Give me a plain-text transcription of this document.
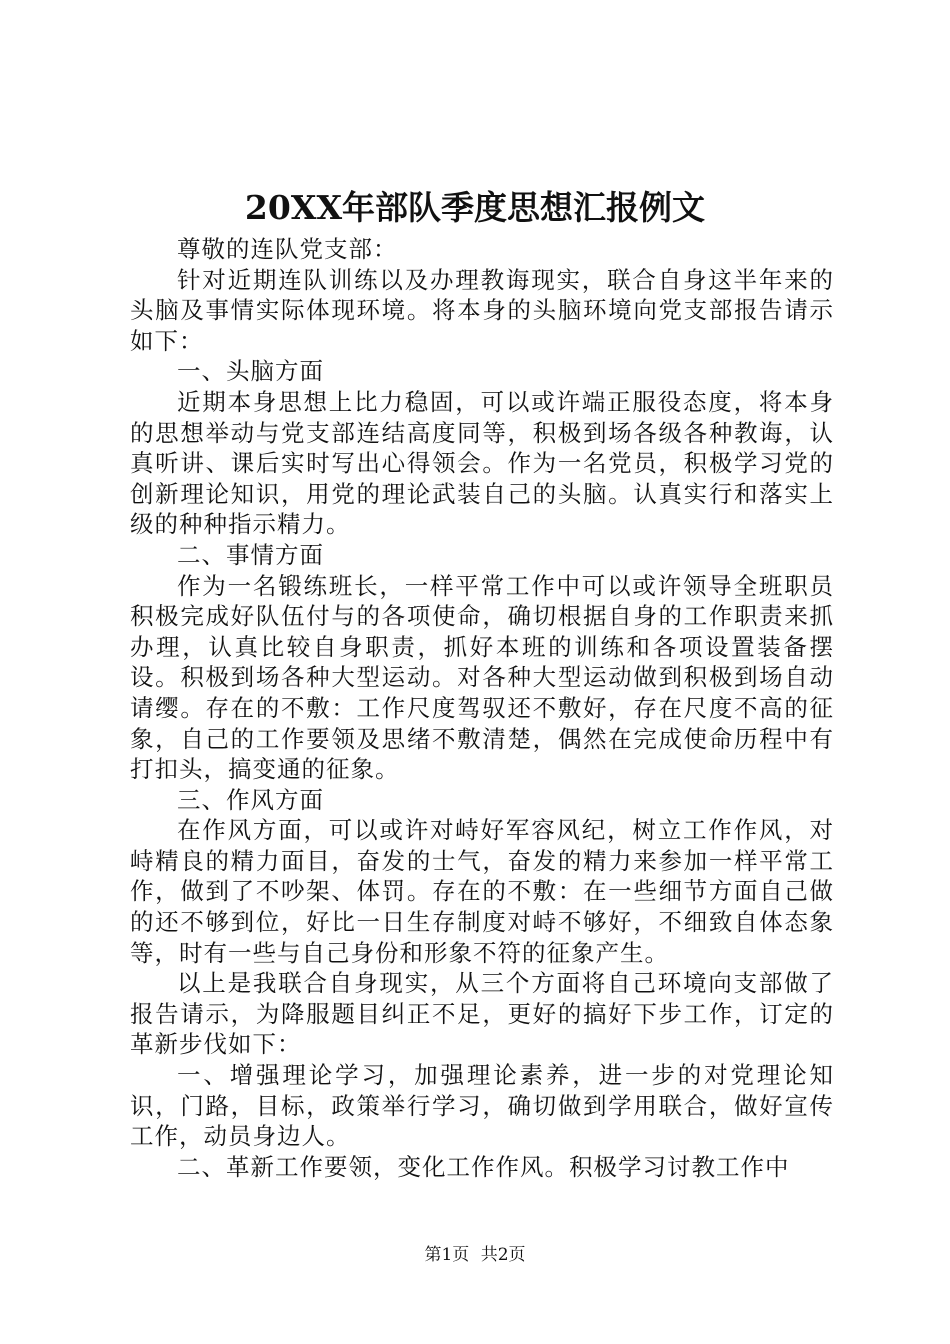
20XX年部队季度思想汇报例文

尊敬的连队党支部：

针对近期连队训练以及办理教诲现实，联合自身这半年来的头脑及事情实际体现环境。将本身的头脑环境向党支部报告请示如下：

一、头脑方面

近期本身思想上比力稳固，可以或许端正服役态度，将本身的思想举动与党支部连结高度同等，积极到场各级各种教诲，认真听讲、课后实时写出心得领会。作为一名党员，积极学习党的创新理论知识，用党的理论武装自己的头脑。认真实行和落实上级的种种指示精力。

二、事情方面

作为一名锻练班长，一样平常工作中可以或许领导全班职员积极完成好队伍付与的各项使命，确切根据自身的工作职责来抓办理，认真比较自身职责，抓好本班的训练和各项设置装备摆设。积极到场各种大型运动。对各种大型运动做到积极到场自动请缨。存在的不敷：工作尺度驾驭还不敷好，存在尺度不高的征象，自己的工作要领及思绪不敷清楚，偶然在完成使命历程中有打扣头，搞变通的征象。

三、作风方面

在作风方面，可以或许对峙好军容风纪，树立工作作风，对峙精良的精力面目，奋发的士气，奋发的精力来参加一样平常工作，做到了不吵架、体罚。存在的不敷：在一些细节方面自己做的还不够到位，好比一日生存制度对峙不够好，不细致自体态象等，时有一些与自己身份和形象不符的征象产生。

以上是我联合自身现实，从三个方面将自己环境向支部做了报告请示，为降服题目纠正不足，更好的搞好下步工作，订定的革新步伐如下：

一、增强理论学习，加强理论素养，进一步的对党理论知识，门路，目标，政策举行学习，确切做到学用联合，做好宣传工作，动员身边人。

二、革新工作要领，变化工作作风。积极学习讨教工作中

第1页 共2页
